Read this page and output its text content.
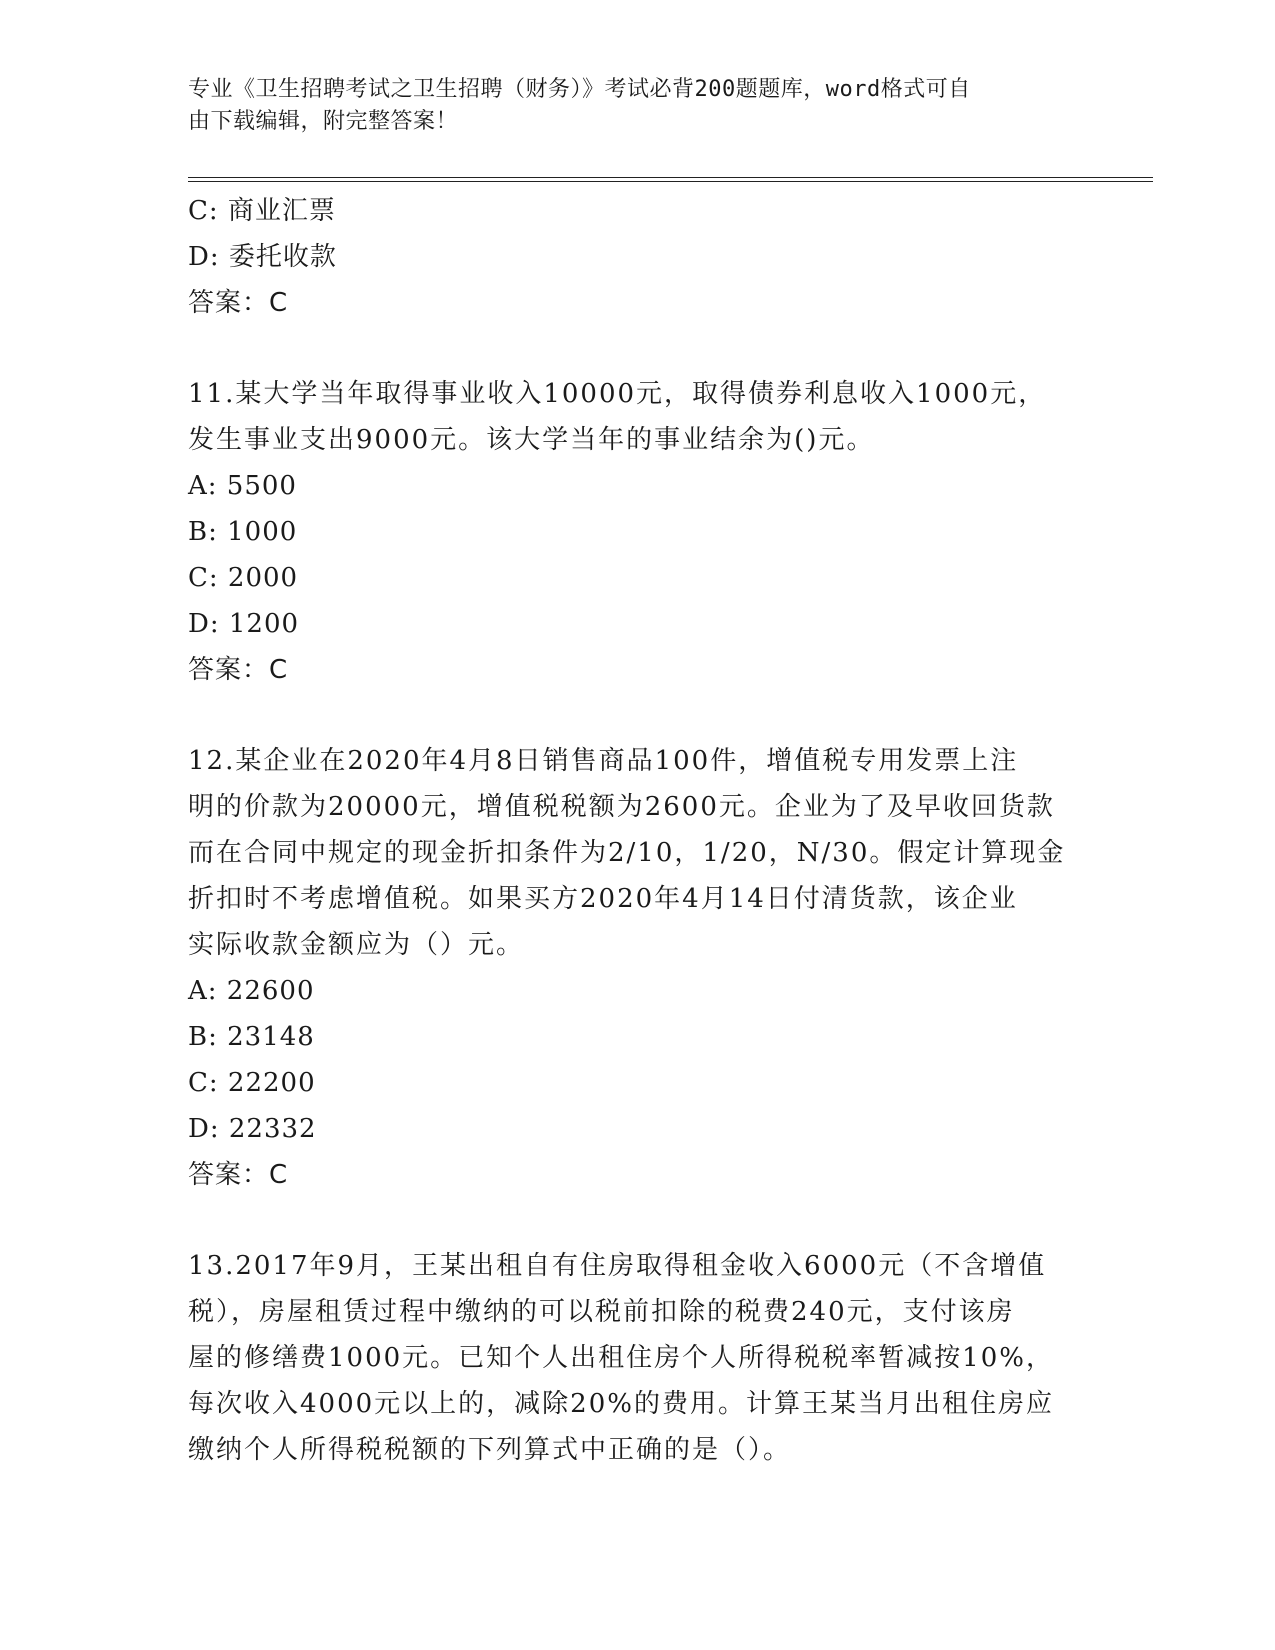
专业《卫生招聘考试之卫生招聘（财务）》考试必背200题题库，word格式可自
由下载编辑，附完整答案！
C: 商业汇票
D: 委托收款
答案：C
11.某大学当年取得事业收入10000元，取得债券利息收入1000元，
发生事业支出9000元。该大学当年的事业结余为()元。
A: 5500
B: 1000
C: 2000
D: 1200
答案：C
12.某企业在2020年4月8日销售商品100件，增值税专用发票上注
明的价款为20000元，增值税税额为2600元。企业为了及早收回货款
而在合同中规定的现金折扣条件为2/10，1/20，N/30。假定计算现金
折扣时不考虑增值税。如果买方2020年4月14日付清货款，该企业
实际收款金额应为（）元。
A: 22600
B: 23148
C: 22200
D: 22332
答案：C
13.2017年9月，王某出租自有住房取得租金收入6000元（不含增值
税），房屋租赁过程中缴纳的可以税前扣除的税费240元，支付该房
屋的修缮费1000元。已知个人出租住房个人所得税税率暂减按10%，
每次收入4000元以上的，减除20%的费用。计算王某当月出租住房应
缴纳个人所得税税额的下列算式中正确的是（）。
